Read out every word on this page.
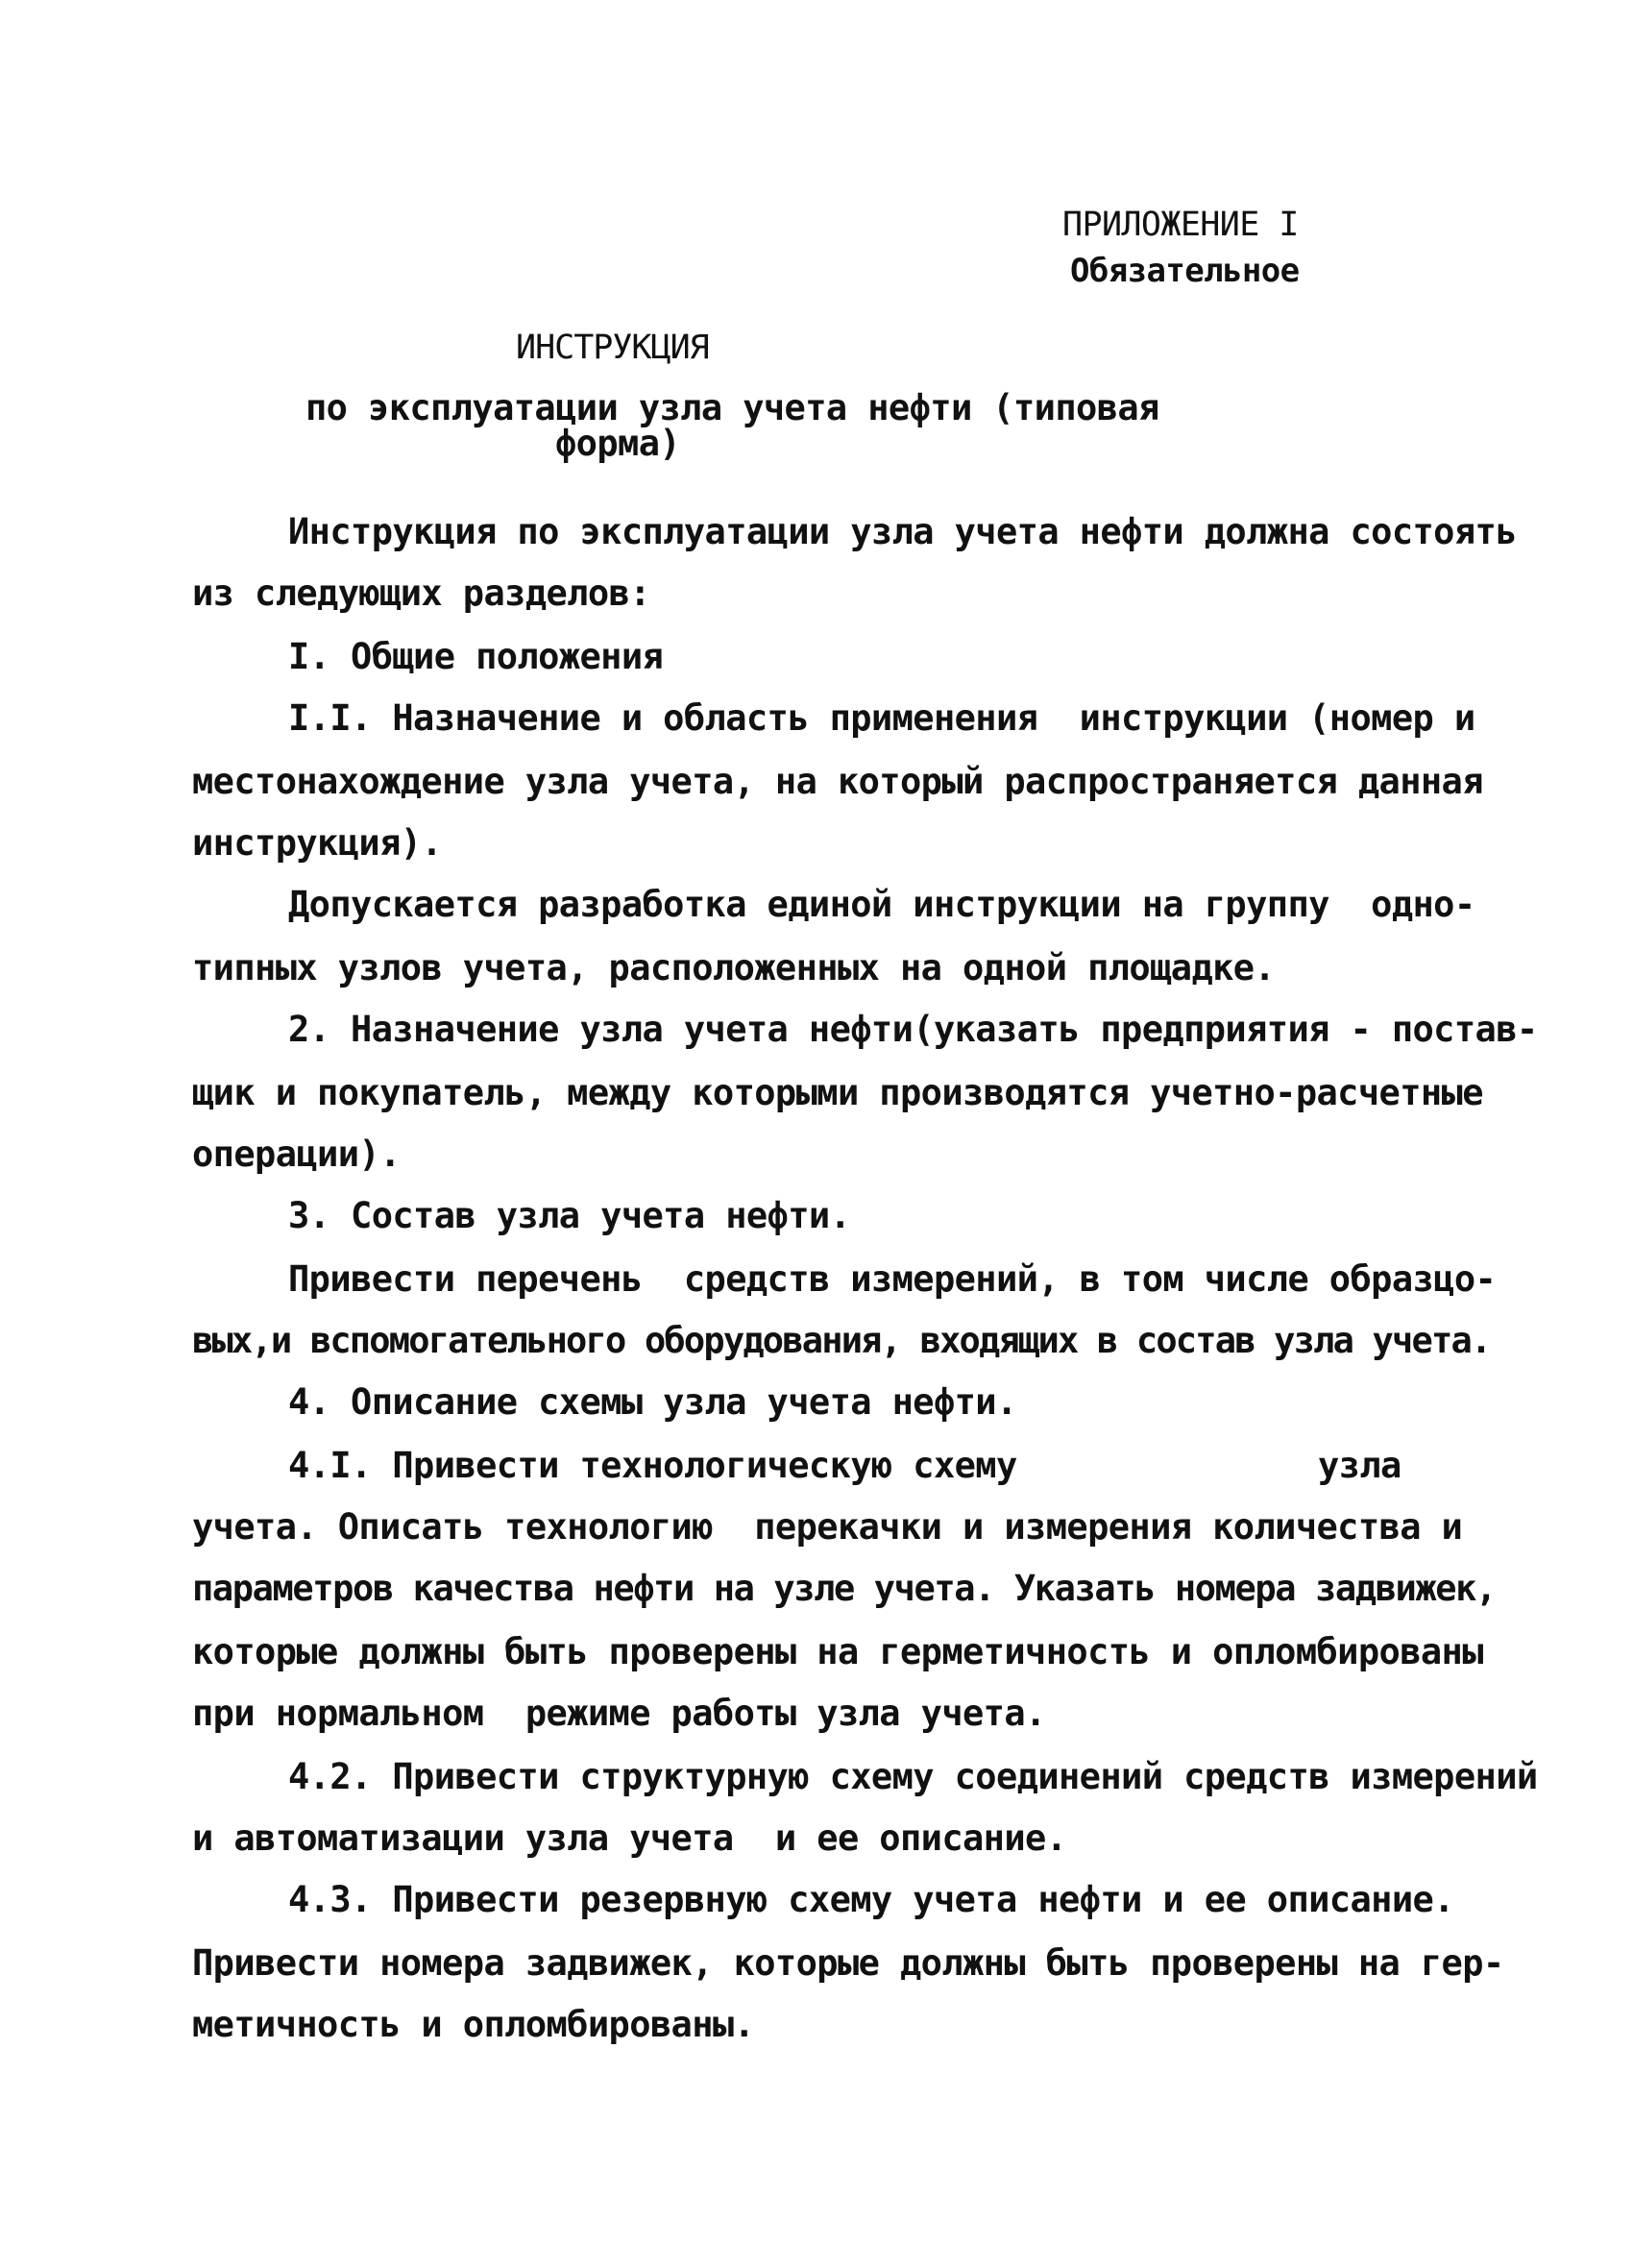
ПРИЛОЖЕНИЕ I
Обязательное
ИНСТРУКЦИЯ
по эксплуатации узла учета нефти (типовая
форма)
Инструкция по эксплуатации узла учета нефти должна состоять
из следующих разделов:
I. Общие положения
I.I. Назначение и область применения  инструкции (номер и
местонахождение узла учета, на который распространяется данная
инструкция).
Допускается разработка единой инструкции на группу  одно-
типных узлов учета, расположенных на одной площадке.
2. Назначение узла учета нефти(указать предприятия - постав-
щик и покупатель, между которыми производятся учетно-расчетные
операции).
3. Состав узла учета нефти.
Привести перечень  средств измерений, в том числе образцо-
вых,и вспомогательного оборудования, входящих в состав узла учета.
4. Описание схемы узла учета нефти.
4.I. Привести технологическую схему	узла
учета. Описать технологию  перекачки и измерения количества и
параметров качества нефти на узле учета. Указать номера задвижек,
которые должны быть проверены на герметичность и опломбированы
при нормальном  режиме работы узла учета.
4.2. Привести структурную схему соединений средств измерений
и автоматизации узла учета  и ее описание.
4.3. Привести резервную схему учета нефти и ее описание.
Привести номера задвижек, которые должны быть проверены на гер-
метичность и опломбированы.
